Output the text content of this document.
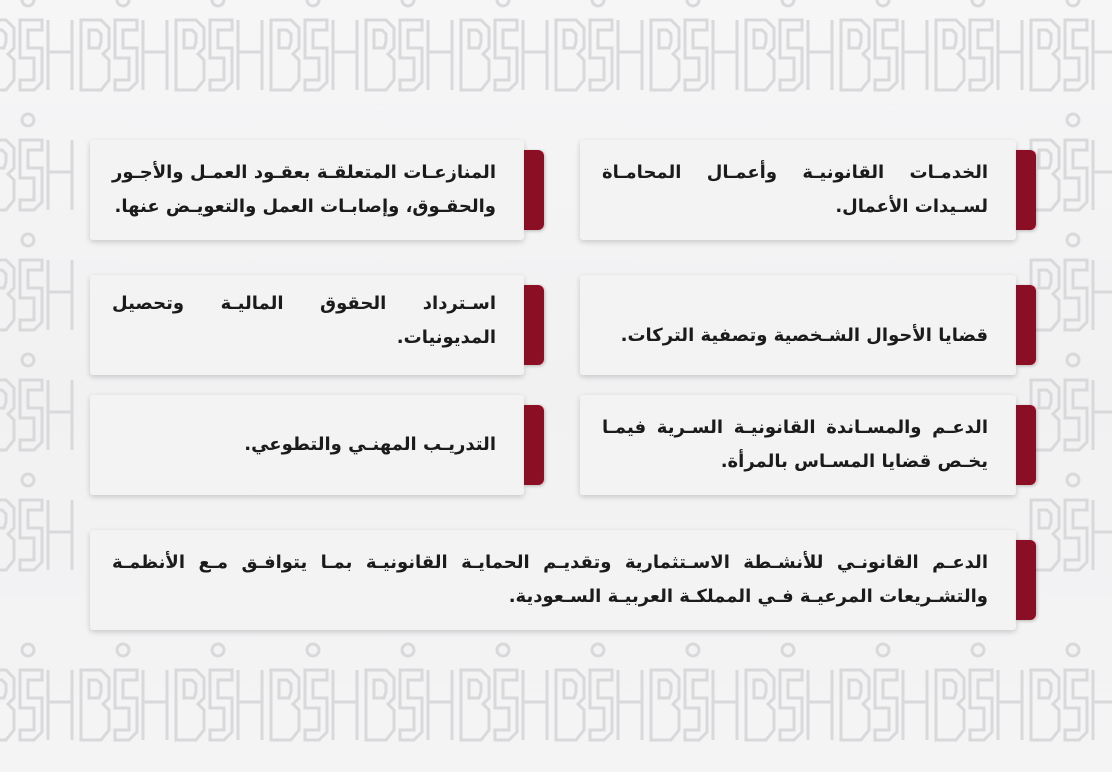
الخدمـات القانونيـة وأعمـال المحامـاة لسـيدات الأعمال.
المنازعـات المتعلقـة بعقـود العمـل والأجـور والحقـوق، وإصابـات العمل والتعويـض عنها.
قضايا الأحوال الشـخصية وتصفية التركات.
اسـترداد الحقوق الماليـة وتحصيل المديونيات.
الدعـم والمسـاندة القانونيـة السـرية فيمـا يخـص قضايا المسـاس بالمرأة.
التدريـب المهنـي والتطوعي.
الدعـم القانونـي للأنشـطة الاسـتثمارية وتقديـم الحمايـة القانونيـة بمـا يتوافـق مـع الأنظمـة والتشـريعات المرعيـة فـي المملكـة العربيـة السـعودية.
